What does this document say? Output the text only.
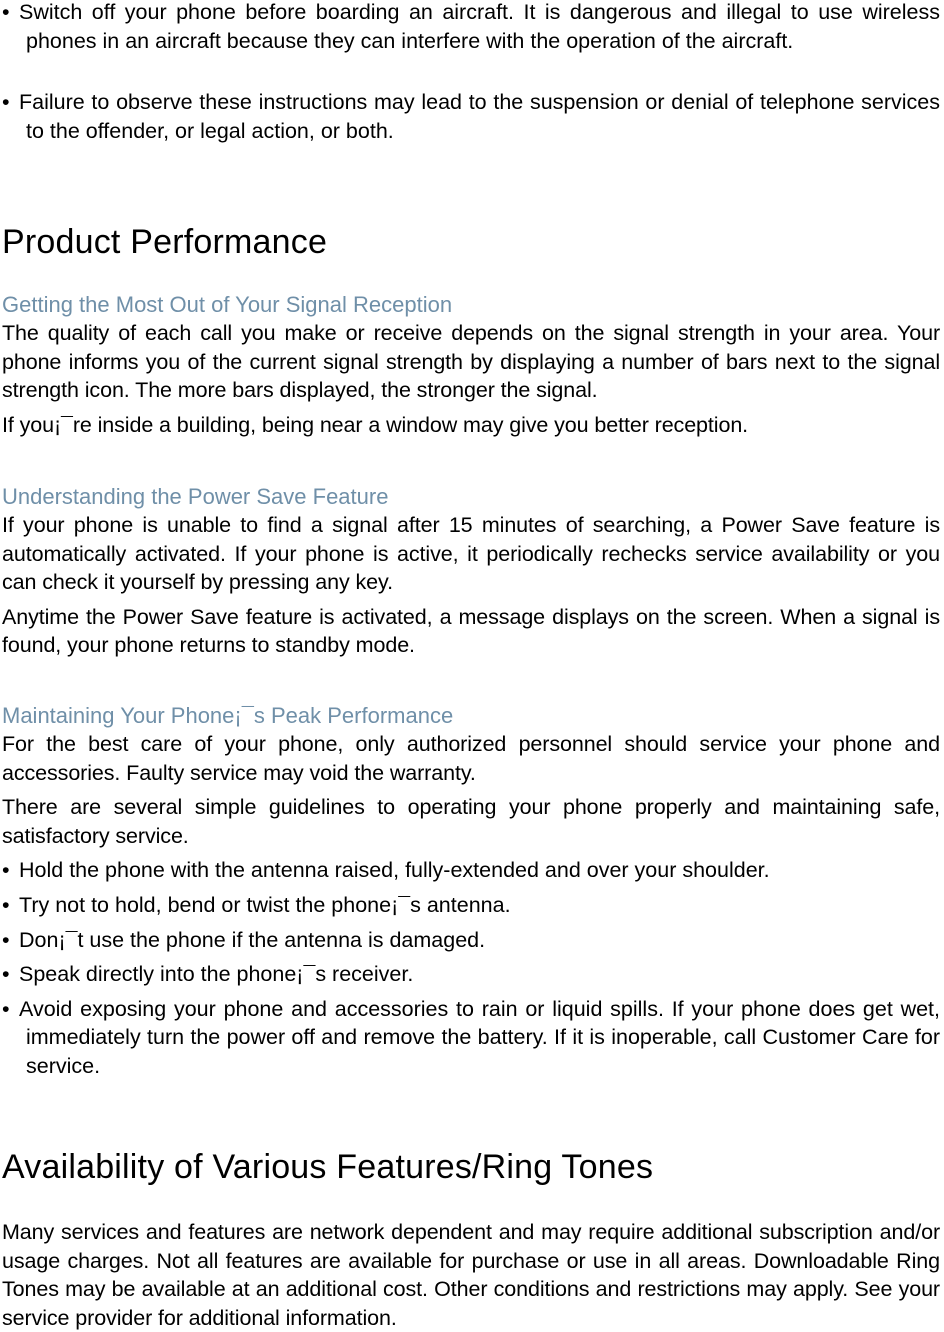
• Switch off your phone before boarding an aircraft. It is dangerous and illegal to use wireless phones in an aircraft because they can interfere with the operation of the aircraft.

• Failure to observe these instructions may lead to the suspension or denial of telephone services to the offender, or legal action, or both.

Product Performance
Getting the Most Out of Your Signal Reception

The quality of each call you make or receive depends on the signal strength in your area. Your phone informs you of the current signal strength by displaying a number of bars next to the signal strength icon. The more bars displayed, the stronger the signal.

If you¡¯re inside a building, being near a window may give you better reception.

Understanding the Power Save Feature

If your phone is unable to find a signal after 15 minutes of searching, a Power Save feature is automatically activated. If your phone is active, it periodically rechecks service availability or you can check it yourself by pressing any key.

Anytime the Power Save feature is activated, a message displays on the screen. When a signal is found, your phone returns to standby mode.

Maintaining Your Phone¡¯s Peak Performance

For the best care of your phone, only authorized personnel should service your phone and accessories. Faulty service may void the warranty.

There are several simple guidelines to operating your phone properly and maintaining safe, satisfactory service.

• Hold the phone with the antenna raised, fully-extended and over your shoulder.

• Try not to hold, bend or twist the phone¡¯s antenna.

• Don¡¯t use the phone if the antenna is damaged.

• Speak directly into the phone¡¯s receiver.

• Avoid exposing your phone and accessories to rain or liquid spills. If your phone does get wet, immediately turn the power off and remove the battery. If it is inoperable, call Customer Care for service.

Availability of Various Features/Ring Tones

Many services and features are network dependent and may require additional subscription and/or usage charges. Not all features are available for purchase or use in all areas. Downloadable Ring Tones may be available at an additional cost. Other conditions and restrictions may apply. See your service provider for additional information.
